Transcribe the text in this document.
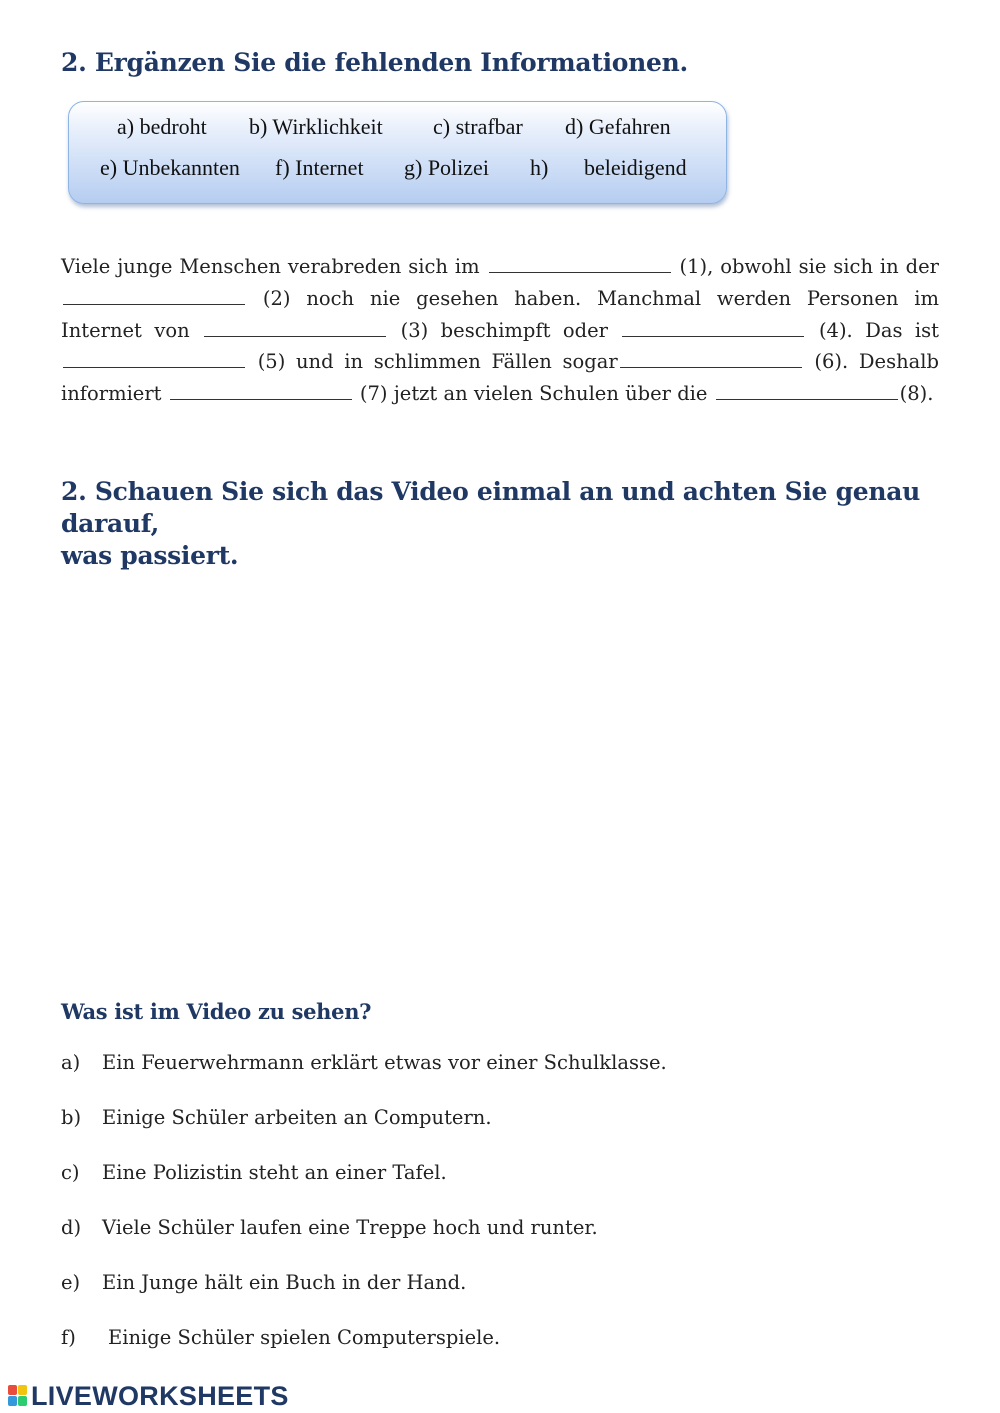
2. Ergänzen Sie die fehlenden Informationen.
a) bedroht b) Wirklichkeit c) strafbar d) Gefahren
e) Unbekannten f) Internet g) Polizei h) beleidigend

Viele junge Menschen verabreden sich im	(1), obwohl sie sich in der  (2) noch nie gesehen haben. Manchmal werden Personen im Internet von	(3) beschimpft oder	(4). Das ist  (5) und in schlimmen Fällen sogar	(6). Deshalb informiert	(7) jetzt an vielen Schulen über die	(8).

2. Schauen Sie sich das Video einmal an und achten Sie genau darauf,
was passiert.
Was ist im Video zu sehen?
a) Ein Feuerwehrmann erklärt etwas vor einer Schulklasse.
b) Einige Schüler arbeiten an Computern.
c) Eine Polizistin steht an einer Tafel.
d) Viele Schüler laufen eine Treppe hoch und runter.
e) Ein Junge hält ein Buch in der Hand.
f) Einige Schüler spielen Computerspiele.
LIVEWORKSHEETS
